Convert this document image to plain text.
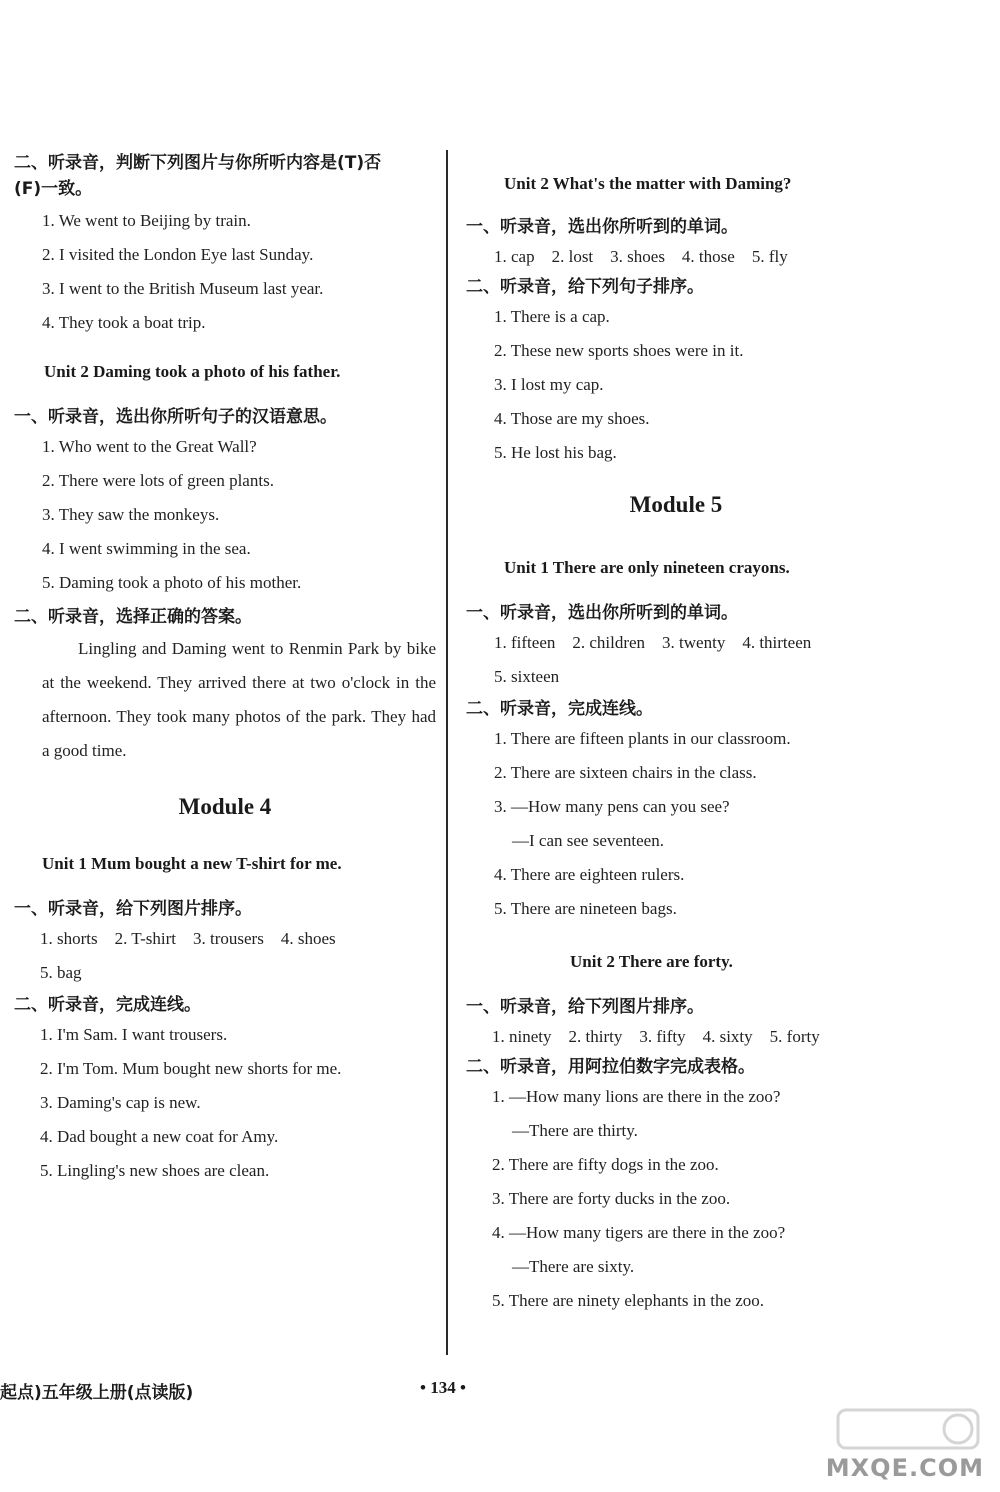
二、听录音，判断下列图片与你所听内容是(T)否
(F)一致。
1. We went to Beijing by train.
2. I visited the London Eye last Sunday.
3. I went to the British Museum last year.
4. They took a boat trip.
Unit 2 Daming took a photo of his father.
一、听录音，选出你所听句子的汉语意思。
1. Who went to the Great Wall?
2. There were lots of green plants.
3. They saw the monkeys.
4. I went swimming in the sea.
5. Daming took a photo of his mother.
二、听录音，选择正确的答案。
Lingling and Daming went to Renmin Park by bike at the weekend. They arrived there at two o'clock in the afternoon. They took many photos of the park. They had a good time.
Module 4
Unit 1 Mum bought a new T-shirt for me.
一、听录音，给下列图片排序。
1. shorts    2. T-shirt    3. trousers    4. shoes
5. bag
二、听录音，完成连线。
1. I'm Sam. I want trousers.
2. I'm Tom. Mum bought new shorts for me.
3. Daming's cap is new.
4. Dad bought a new coat for Amy.
5. Lingling's new shoes are clean.
Unit 2 What's the matter with Daming?
一、听录音，选出你所听到的单词。
1. cap    2. lost    3. shoes    4. those    5. fly
二、听录音，给下列句子排序。
1. There is a cap.
2. These new sports shoes were in it.
3. I lost my cap.
4. Those are my shoes.
5. He lost his bag.
Module 5
Unit 1 There are only nineteen crayons.
一、听录音，选出你所听到的单词。
1. fifteen    2. children    3. twenty    4. thirteen
5. sixteen
二、听录音，完成连线。
1. There are fifteen plants in our classroom.
2. There are sixteen chairs in the class.
3. —How many pens can you see?
—I can see seventeen.
4. There are eighteen rulers.
5. There are nineteen bags.
Unit 2 There are forty.
一、听录音，给下列图片排序。
1. ninety    2. thirty    3. fifty    4. sixty    5. forty
二、听录音，用阿拉伯数字完成表格。
1. —How many lions are there in the zoo?
—There are thirty.
2. There are fifty dogs in the zoo.
3. There are forty ducks in the zoo.
4. —How many tigers are there in the zoo?
—There are sixty.
5. There are ninety elephants in the zoo.
起点)五年级上册(点读版)	• 134 •
MXQE.COM
